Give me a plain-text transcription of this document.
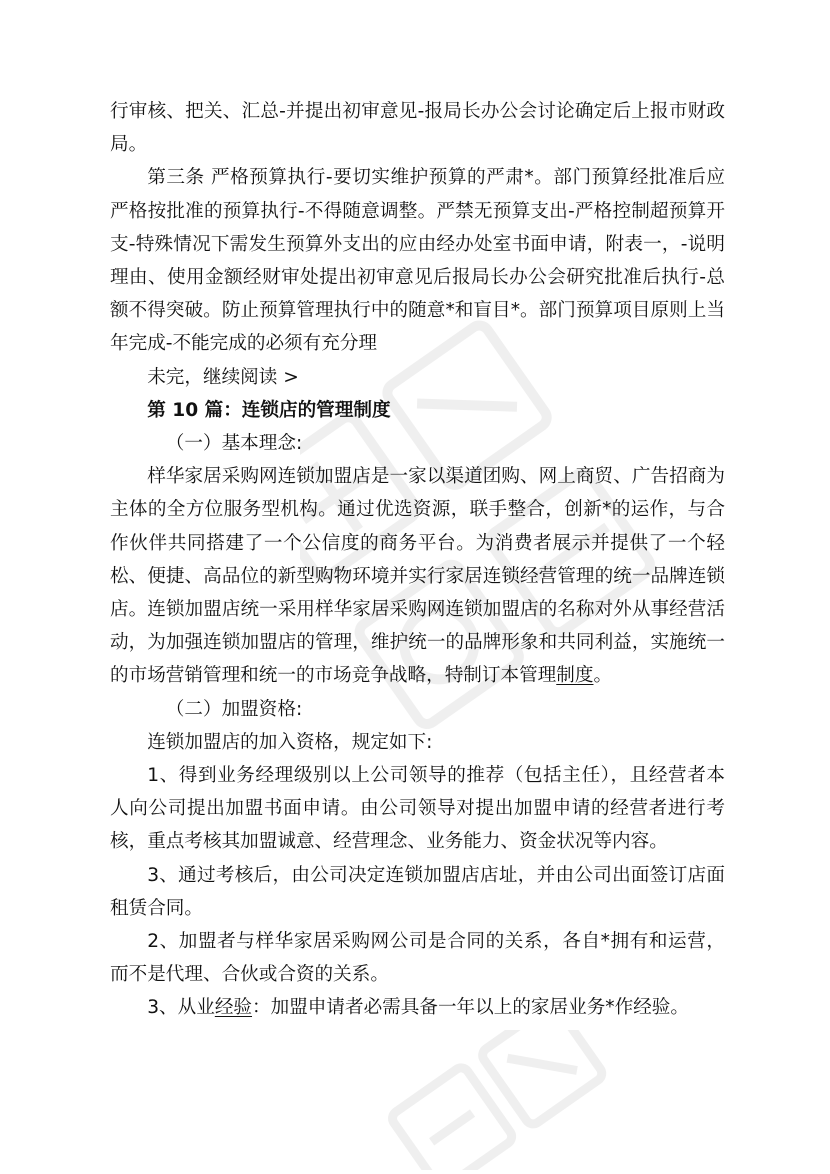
行审核、把关、汇总-并提出初审意见-报局长办公会讨论确定后上报市财政局。

第三条 严格预算执行-要切实维护预算的严肃*。部门预算经批准后应严格按批准的预算执行-不得随意调整。严禁无预算支出-严格控制超预算开支-特殊情况下需发生预算外支出的应由经办处室书面申请，附表一，-说明理由、使用金额经财审处提出初审意见后报局长办公会研究批准后执行-总额不得突破。防止预算管理执行中的随意*和盲目*。部门预算项目原则上当年完成-不能完成的必须有充分理

未完，继续阅读 >

第 10 篇：连锁店的管理制度

（一）基本理念:

样华家居采购网连锁加盟店是一家以渠道团购、网上商贸、广告招商为主体的全方位服务型机构。通过优选资源，联手整合，创新*的运作，与合作伙伴共同搭建了一个公信度的商务平台。为消费者展示并提供了一个轻松、便捷、高品位的新型购物环境并实行家居连锁经营管理的统一品牌连锁店。连锁加盟店统一采用样华家居采购网连锁加盟店的名称对外从事经营活动，为加强连锁加盟店的管理，维护统一的品牌形象和共同利益，实施统一的市场营销管理和统一的市场竞争战略，特制订本管理制度。

（二）加盟资格:

连锁加盟店的加入资格，规定如下:

1、得到业务经理级别以上公司领导的推荐（包括主任），且经营者本人向公司提出加盟书面申请。由公司领导对提出加盟申请的经营者进行考核，重点考核其加盟诚意、经营理念、业务能力、资金状况等内容。

3、通过考核后，由公司决定连锁加盟店店址，并由公司出面签订店面租赁合同。

2、加盟者与样华家居采购网公司是合同的关系，各自*拥有和运营，而不是代理、合伙或合资的关系。

3、从业经验：加盟申请者必需具备一年以上的家居业务*作经验。
